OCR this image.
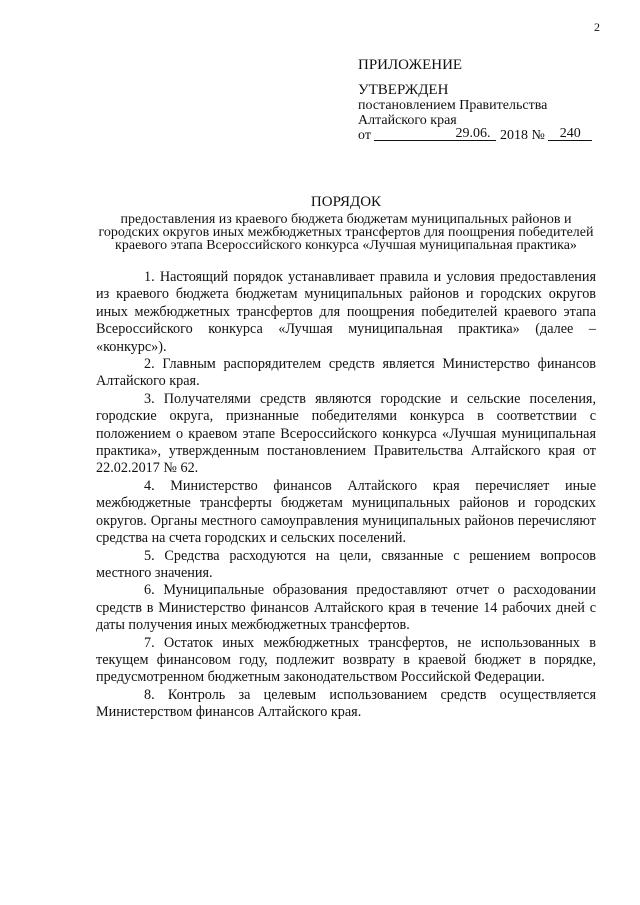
2
ПРИЛОЖЕНИЕ
УТВЕРЖДЕН
постановлением Правительства
Алтайского края
от	29.06. 2018 № 240
ПОРЯДОК
предоставления из краевого бюджета бюджетам муниципальных районов и городских округов иных межбюджетных трансфертов для поощрения победителей краевого этапа Всероссийского конкурса «Лучшая муниципальная практика»

1. Настоящий порядок устанавливает правила и условия предоставления из краевого бюджета бюджетам муниципальных районов и городских округов иных межбюджетных трансфертов для поощрения победителей краевого этапа Всероссийского конкурса «Лучшая муниципальная практика» (далее – «конкурс»).

2. Главным распорядителем средств является Министерство финансов Алтайского края.

3. Получателями средств являются городские и сельские поселения, городские округа, признанные победителями конкурса в соответствии с положением о краевом этапе Всероссийского конкурса «Лучшая муниципальная практика», утвержденным постановлением Правительства Алтайского края от 22.02.2017 № 62.

4. Министерство финансов Алтайского края перечисляет иные межбюджетные трансферты бюджетам муниципальных районов и городских округов. Органы местного самоуправления муниципальных районов перечисляют средства на счета городских и сельских поселений.

5. Средства расходуются на цели, связанные с решением вопросов местного значения.

6. Муниципальные образования предоставляют отчет о расходовании средств в Министерство финансов Алтайского края в течение 14 рабочих дней с даты получения иных межбюджетных трансфертов.

7. Остаток иных межбюджетных трансфертов, не использованных в текущем финансовом году, подлежит возврату в краевой бюджет в порядке, предусмотренном бюджетным законодательством Российской Федерации.

8. Контроль за целевым использованием средств осуществляется Министерством финансов Алтайского края.
